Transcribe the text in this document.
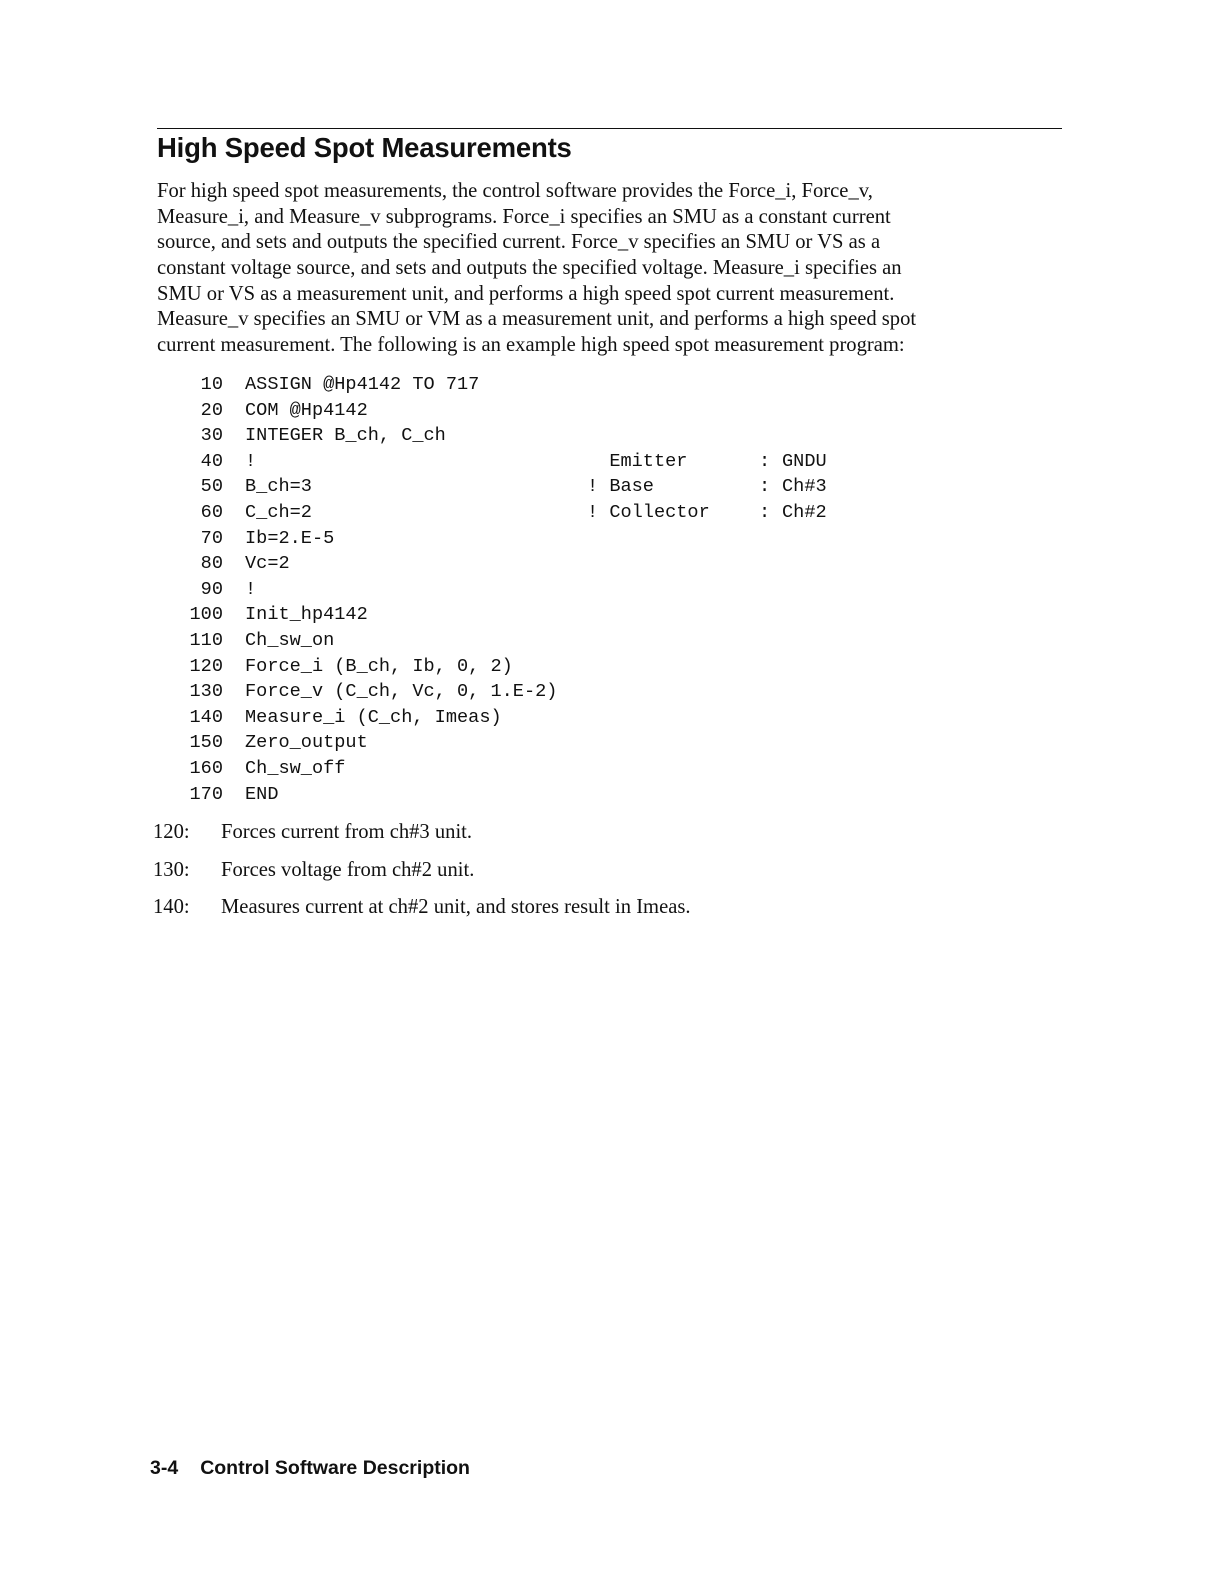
High Speed Spot Measurements
For high speed spot measurements, the control software provides the Force_i, Force_v,
Measure_i, and Measure_v subprograms. Force_i specifies an SMU as a constant current
source, and sets and outputs the specified current. Force_v specifies an SMU or VS as a
constant voltage source, and sets and outputs the specified voltage. Measure_i specifies an
SMU or VS as a measurement unit, and performs a high speed spot current measurement.
Measure_v specifies an SMU or VM as a measurement unit, and performs a high speed spot
current measurement. The following is an example high speed spot measurement program:
10 ASSIGN @Hp4142 TO 717
20 COM @Hp4142
30 INTEGER B_ch, C_ch
40 !	Emitter	: GNDU
50 B_ch=3	! Base	: Ch#3
60 C_ch=2	! Collector	: Ch#2
70 Ib=2.E-5
80 Vc=2
90 !
100 Init_hp4142
110 Ch_sw_on
120 Force_i (B_ch, Ib, 0, 2)
130 Force_v (C_ch, Vc, 0, 1.E-2)
140 Measure_i (C_ch, Imeas)
150 Zero_output
160 Ch_sw_off
170 END
120: Forces current from ch#3 unit.
130: Forces voltage from ch#2 unit.
140: Measures current at ch#2 unit, and stores result in Imeas.
3-4 Control Software Description
